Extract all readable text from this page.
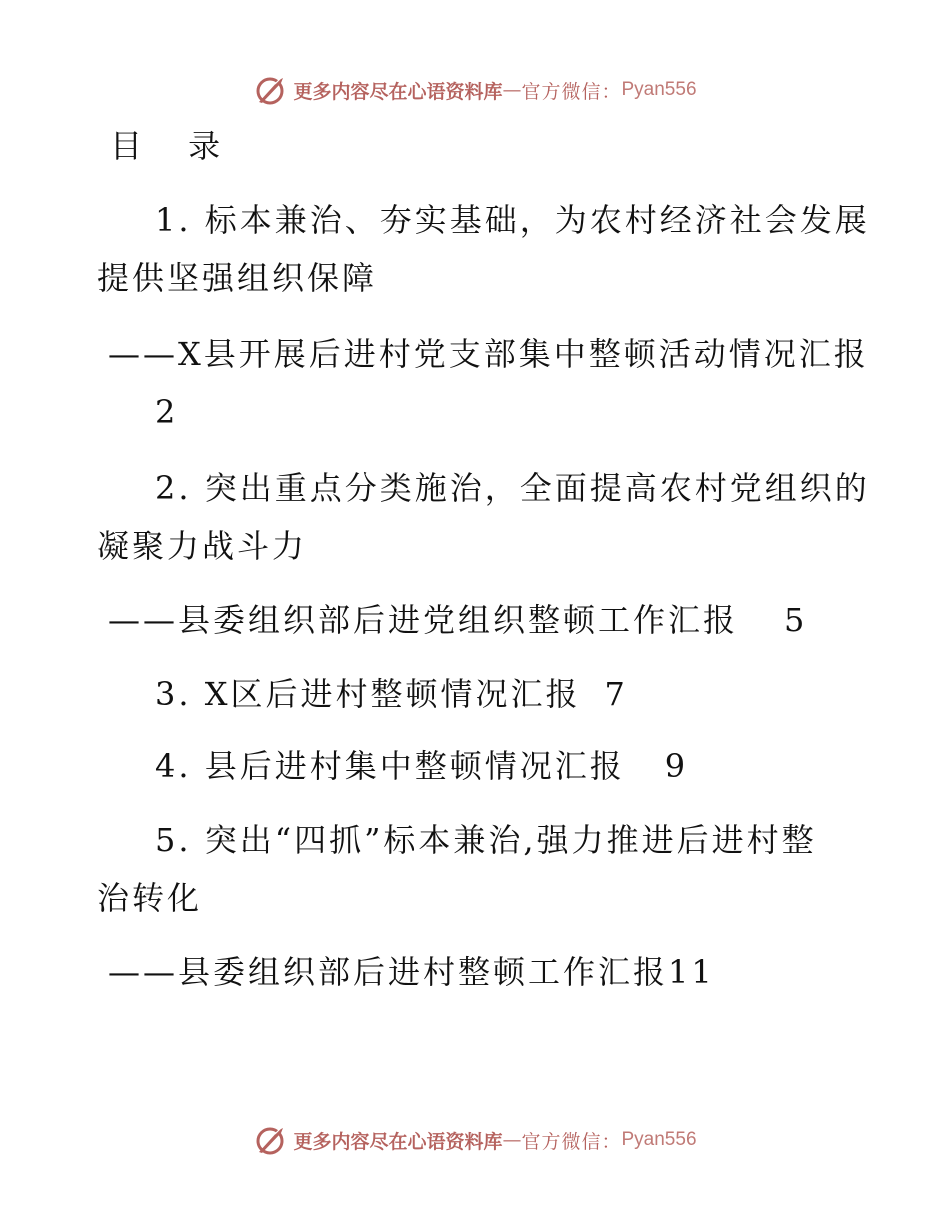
更多内容尽在心语资料库 — 官方微信： Pyan556
目 录
1. 标本兼治、夯实基础，为农村经济社会发展
提供坚强组织保障
——X县开展后进村党支部集中整顿活动情况汇报
2
2. 突出重点分类施治，全面提高农村党组织的
凝聚力战斗力
——县委组织部后进党组织整顿工作汇报 5
3. X区后进村整顿情况汇报 7
4. 县后进村集中整顿情况汇报 9
5. 突出“四抓”标本兼治,强力推进后进村整
治转化
——县委组织部后进村整顿工作汇报11
更多内容尽在心语资料库 — 官方微信： Pyan556
